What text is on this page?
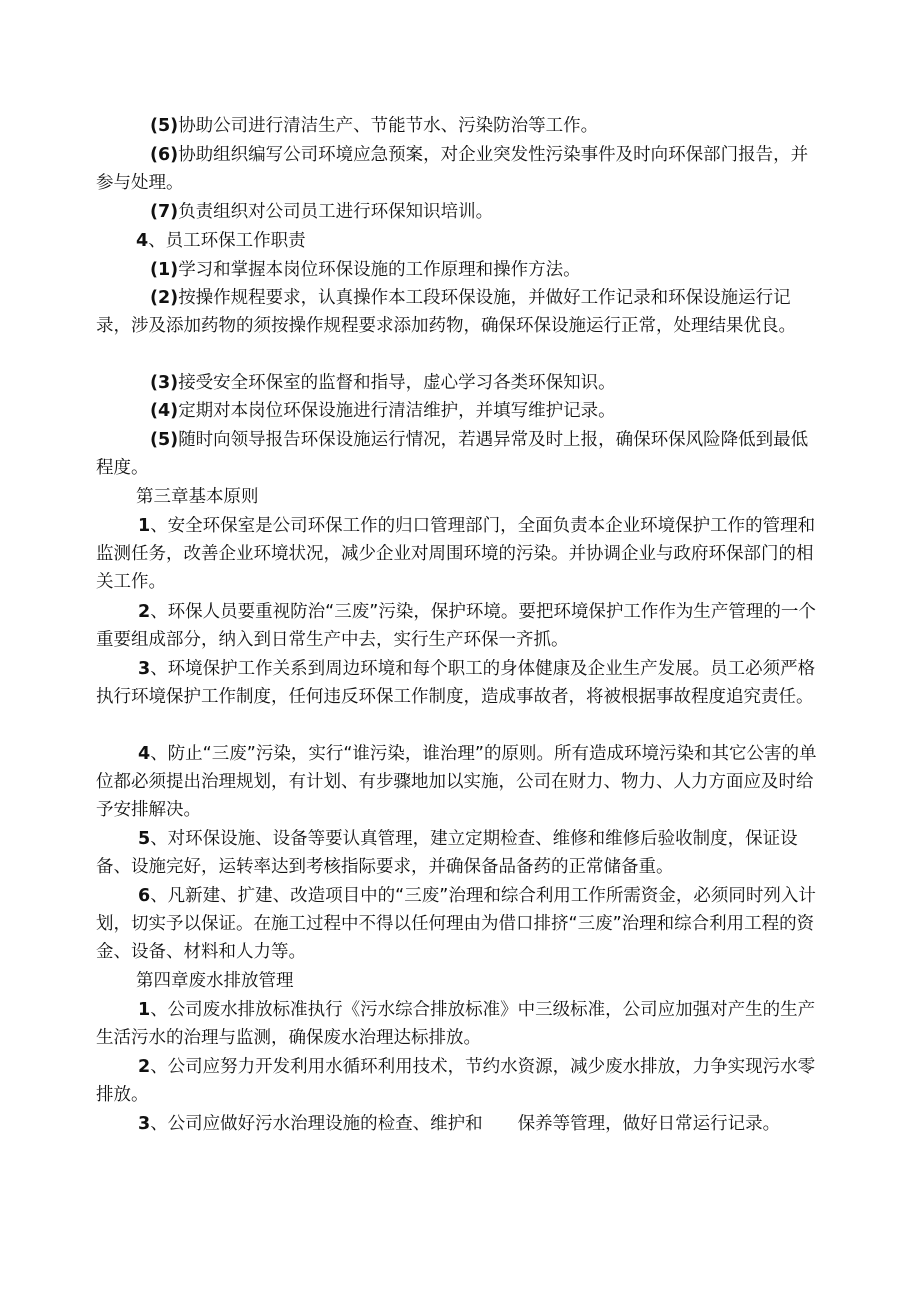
(5)协助公司进行清洁生产、节能节水、污染防治等工作。

(6)协助组织编写公司环境应急预案，对企业突发性污染事件及时向环保部门报告，并参与处理。

(7)负责组织对公司员工进行环保知识培训。

4、员工环保工作职责

(1)学习和掌握本岗位环保设施的工作原理和操作方法。

(2)按操作规程要求，认真操作本工段环保设施，并做好工作记录和环保设施运行记录，涉及添加药物的须按操作规程要求添加药物，确保环保设施运行正常，处理结果优良。

(3)接受安全环保室的监督和指导，虚心学习各类环保知识。

(4)定期对本岗位环保设施进行清洁维护，并填写维护记录。

(5)随时向领导报告环保设施运行情况，若遇异常及时上报，确保环保风险降低到最低程度。

第三章基本原则

1、安全环保室是公司环保工作的归口管理部门，全面负责本企业环境保护工作的管理和监测任务，改善企业环境状况，减少企业对周围环境的污染。并协调企业与政府环保部门的相关工作。

2、环保人员要重视防治“三废”污染，保护环境。要把环境保护工作作为生产管理的一个重要组成部分，纳入到日常生产中去，实行生产环保一齐抓。

3、环境保护工作关系到周边环境和每个职工的身体健康及企业生产发展。员工必须严格执行环境保护工作制度，任何违反环保工作制度，造成事故者，将被根据事故程度追究责任。

4、防止“三废”污染，实行“谁污染，谁治理”的原则。所有造成环境污染和其它公害的单位都必须提出治理规划，有计划、有步骤地加以实施，公司在财力、物力、人力方面应及时给予安排解决。

5、对环保设施、设备等要认真管理，建立定期检查、维修和维修后验收制度，保证设备、设施完好，运转率达到考核指际要求，并确保备品备药的正常储备重。

6、凡新建、扩建、改造项目中的“三废”治理和综合利用工作所需资金，必须同时列入计划，切实予以保证。在施工过程中不得以任何理由为借口排挤“三废”治理和综合利用工程的资金、设备、材料和人力等。

第四章废水排放管理

1、公司废水排放标准执行《污水综合排放标准》中三级标准，公司应加强对产生的生产生活污水的治理与监测，确保废水治理达标排放。

2、公司应努力开发利用水循环利用技术，节约水资源，减少废水排放，力争实现污水零排放。

3、公司应做好污水治理设施的检查、维护和　　保养等管理，做好日常运行记录。
